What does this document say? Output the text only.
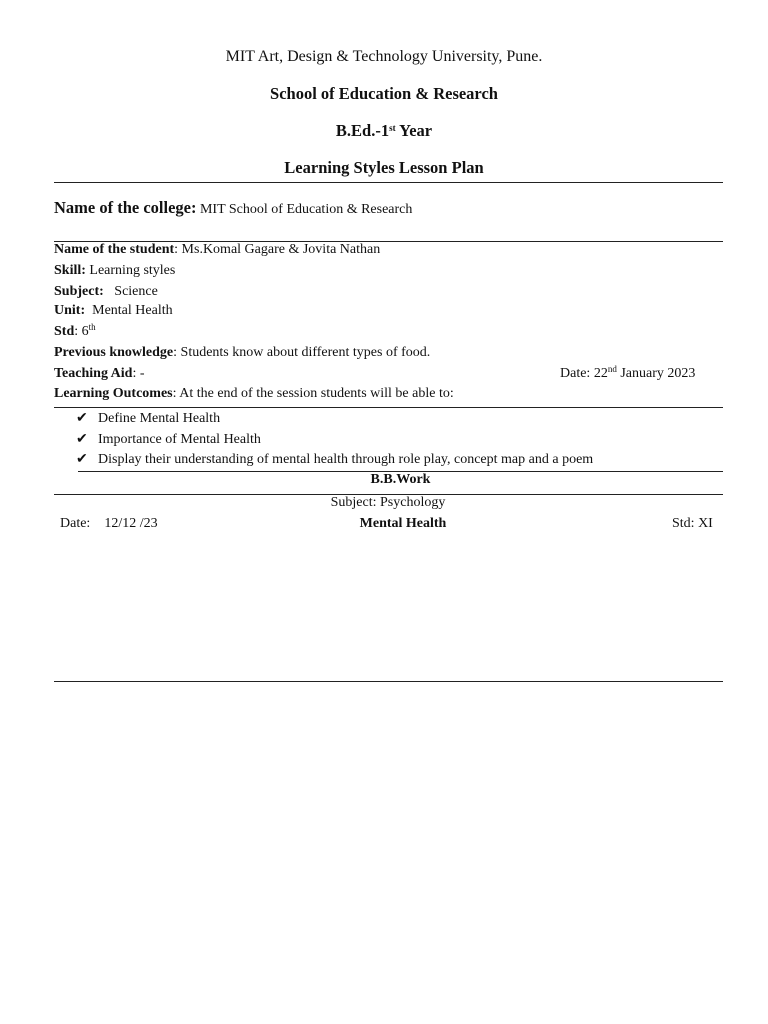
MIT Art, Design & Technology University, Pune.
School of Education & Research
B.Ed.-1st Year
Learning Styles Lesson Plan
Name of the college: MIT School of Education & Research
Name of the student: Ms.Komal Gagare & Jovita Nathan
Skill: Learning styles
Subject:   Science
Unit:  Mental Health
Std: 6th
Previous knowledge: Students know about different types of food.
Teaching Aid: -	Date: 22nd January 2023
Learning Outcomes: At the end of the session students will be able to:
✔ Define Mental Health
✔ Importance of Mental Health
✔ Display their understanding of mental health through role play, concept map and a poem
B.B.Work
Subject: Psychology
Date: 12/12 /23	Mental Health	Std: XI
